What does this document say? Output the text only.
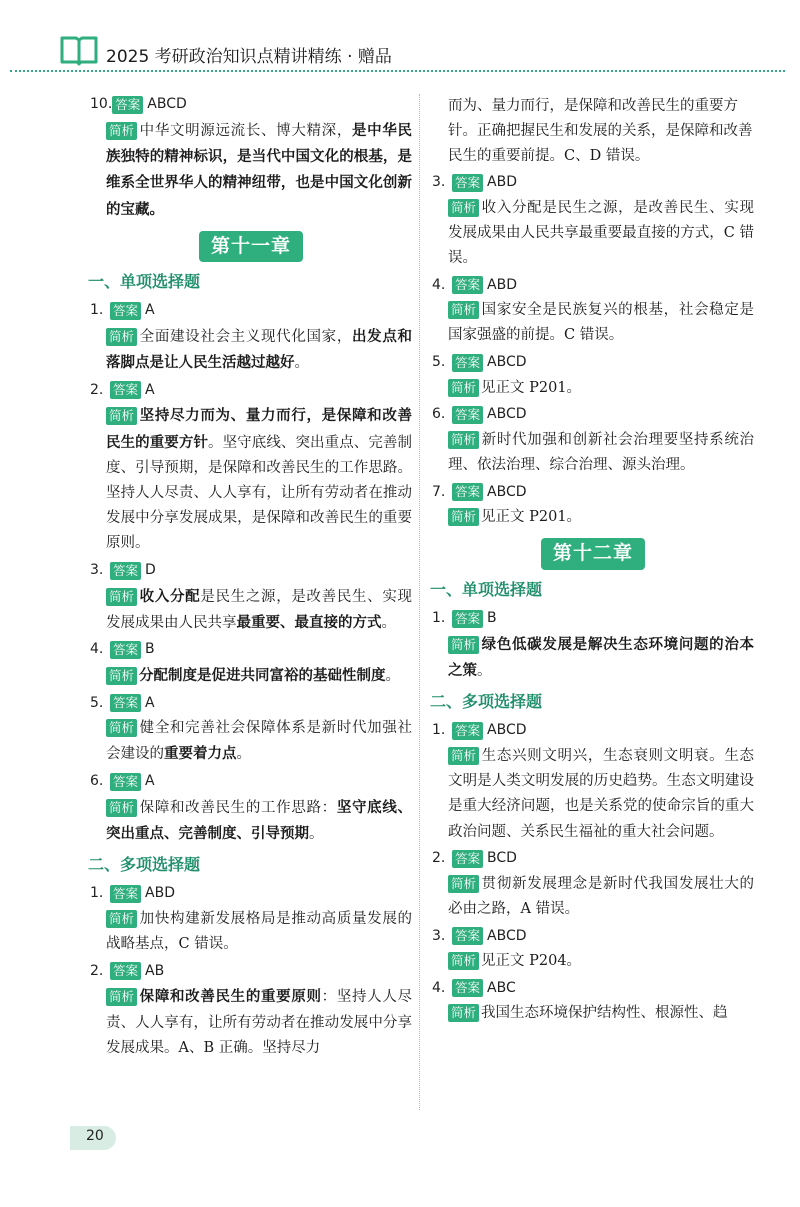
2025 考研政治知识点精讲精练 · 赠品
10. 答案 ABCD

简析 中华文明源远流长、博大精深，是中华民族独特的精神标识，是当代中国文化的根基，是维系全世界华人的精神纽带，也是中国文化创新的宝藏。

第十一章
一、单项选择题
1. 答案 A

简析 全面建设社会主义现代化国家，出发点和落脚点是让人民生活越过越好。

2. 答案 A

简析 坚持尽力而为、量力而行，是保障和改善民生的重要方针。坚守底线、突出重点、完善制度、引导预期，是保障和改善民生的工作思路。坚持人人尽责、人人享有，让所有劳动者在推动发展中分享发展成果，是保障和改善民生的重要原则。

3. 答案 D

简析 收入分配是民生之源，是改善民生、实现发展成果由人民共享最重要、最直接的方式。

4. 答案 B

简析 分配制度是促进共同富裕的基础性制度。

5. 答案 A

简析 健全和完善社会保障体系是新时代加强社会建设的重要着力点。

6. 答案 A

简析 保障和改善民生的工作思路：坚守底线、突出重点、完善制度、引导预期。

二、多项选择题
1. 答案 ABD

简析 加快构建新发展格局是推动高质量发展的战略基点，C 错误。

2. 答案 AB

简析 保障和改善民生的重要原则：坚持人人尽责、人人享有，让所有劳动者在推动发展中分享发展成果。A、B 正确。坚持尽力

而为、量力而行，是保障和改善民生的重要方针。正确把握民生和发展的关系，是保障和改善民生的重要前提。C、D 错误。

3. 答案 ABD

简析 收入分配是民生之源，是改善民生、实现发展成果由人民共享最重要最直接的方式，C 错误。

4. 答案 ABD

简析 国家安全是民族复兴的根基，社会稳定是国家强盛的前提。C 错误。

5. 答案 ABCD

简析 见正文 P201。

6. 答案 ABCD

简析 新时代加强和创新社会治理要坚持系统治理、依法治理、综合治理、源头治理。

7. 答案 ABCD

简析 见正文 P201。

第十二章
一、单项选择题
1. 答案 B

简析 绿色低碳发展是解决生态环境问题的治本之策。

二、多项选择题
1. 答案 ABCD

简析 生态兴则文明兴，生态衰则文明衰。生态文明是人类文明发展的历史趋势。生态文明建设是重大经济问题，也是关系党的使命宗旨的重大政治问题、关系民生福祉的重大社会问题。

2. 答案 BCD

简析 贯彻新发展理念是新时代我国发展壮大的必由之路，A 错误。

3. 答案 ABCD

简析 见正文 P204。

4. 答案 ABC

简析 我国生态环境保护结构性、根源性、趋

20
